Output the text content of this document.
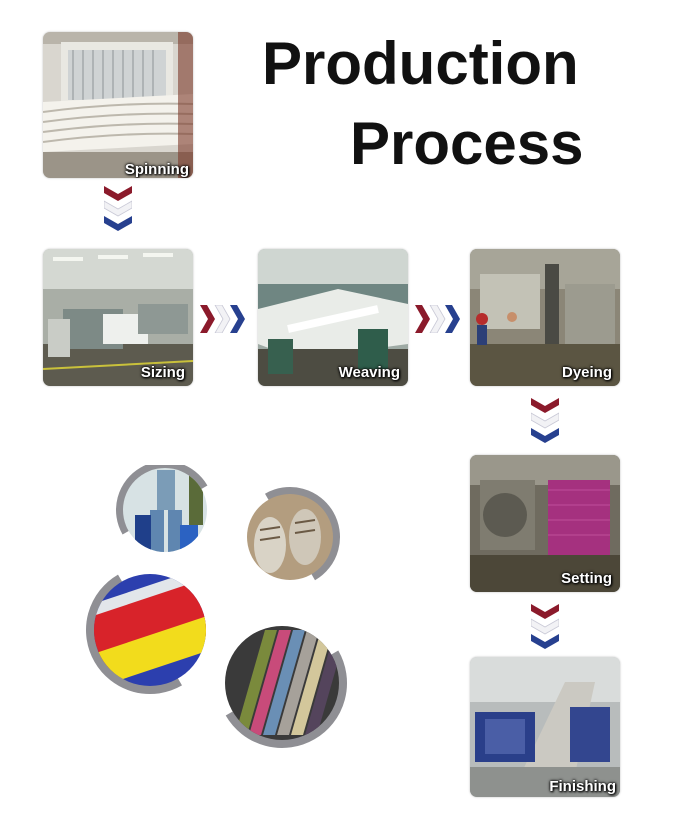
Production
Process
Spinning
Sizing	Weaving	Dyeing
Setting
Finishing
